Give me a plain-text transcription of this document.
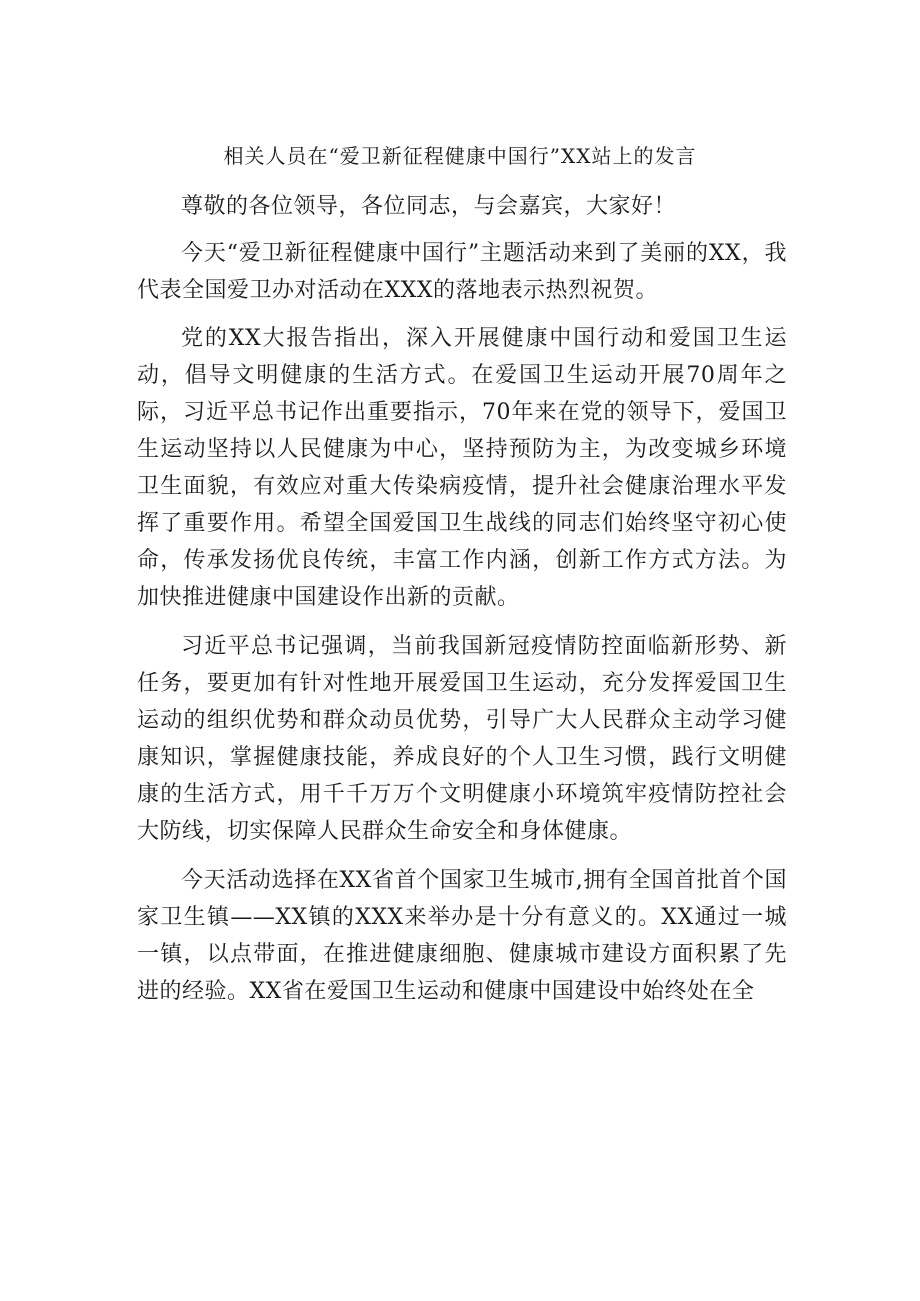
相关人员在“爱卫新征程健康中国行”XX站上的发言

尊敬的各位领导，各位同志，与会嘉宾，大家好！

今天“爱卫新征程健康中国行”主题活动来到了美丽的XX，我代表全国爱卫办对活动在XXX的落地表示热烈祝贺。

党的XX大报告指出，深入开展健康中国行动和爱国卫生运动，倡导文明健康的生活方式。在爱国卫生运动开展70周年之际，习近平总书记作出重要指示，70年来在党的领导下，爱国卫生运动坚持以人民健康为中心，坚持预防为主，为改变城乡环境卫生面貌，有效应对重大传染病疫情，提升社会健康治理水平发挥了重要作用。希望全国爱国卫生战线的同志们始终坚守初心使命，传承发扬优良传统，丰富工作内涵，创新工作方式方法。为加快推进健康中国建设作出新的贡献。

习近平总书记强调，当前我国新冠疫情防控面临新形势、新任务，要更加有针对性地开展爱国卫生运动，充分发挥爱国卫生运动的组织优势和群众动员优势，引导广大人民群众主动学习健康知识，掌握健康技能，养成良好的个人卫生习惯，践行文明健康的生活方式，用千千万万个文明健康小环境筑牢疫情防控社会大防线，切实保障人民群众生命安全和身体健康。

今天活动选择在XX省首个国家卫生城市,拥有全国首批首个国家卫生镇——XX镇的XXX来举办是十分有意义的。XX通过一城一镇，以点带面，在推进健康细胞、健康城市建设方面积累了先进的经验。XX省在爱国卫生运动和健康中国建设中始终处在全
